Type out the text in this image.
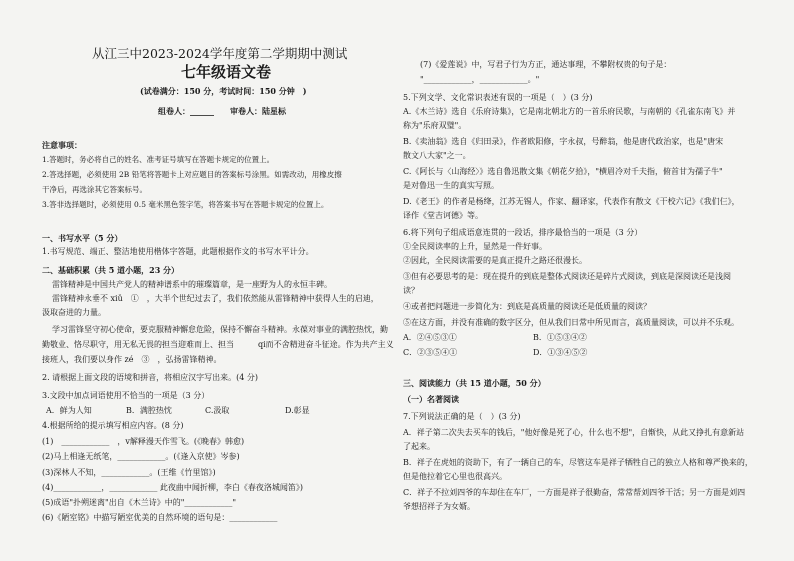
从江三中2023-2024学年度第二学期期中测试
七年级语文卷
(试卷满分：150 分，考试时间：150 分钟　)
组卷人：______　　审卷人：陆星标
注意事项：
1.答题时，务必将自己的姓名、准考证号填写在答题卡规定的位置上。
2.答选择题，必须使用 2B 铅笔将答题卡上对应题目的答案标号涂黑。如需改动，用橡皮擦
干净后，再选涂其它答案标号。
3.答非选择题时，必须使用 0.5 毫米黑色签字笔，将答案书写在答题卡规定的位置上。
一、书写水平（5 分）
1.书写规范、端正、整洁地使用楷体字答题，此题根据作文的书写水平计分。
二、基础积累（共 5 道小题，23 分）
雷锋精神是中国共产党人的精神谱系中的璀璨篇章，是一座野为人的永恒丰碑。
雷锋精神永垂不 xiǔ　①　，大半个世纪过去了，我们依然能从雷锋精神中获得人生的启迪，
汲取奋进的力量。
学习雷锋坚守初心使命，要克服精神懈怠危险，保持不懈奋斗精神。永葆对事业的满腔热忱，勤
勤敬业、恪尽职守，用无私无畏的担当迎难而上、担当　　　qi而不舍精进奋斗征途。作为共产主义
接班人，我们要以身作 zé　③　，弘扬雷锋精神。
2. 请根据上面文段的语境和拼音，将相应汉字写出来。(4 分)
3.文段中加点词语使用不恰当的一项是（3 分）
A．鲜为人知	B．满腔热忱	C.汲取	D.彰显
4.根据所给的提示填写相应内容。(8 分)
(1)　____________　，v解释漫天作雪飞。(《晚春》韩愈)
(2)马上相逢无纸笔，____________。(《逢入京使》岑参)
(3)深林人不知，____________。(王维《竹里馆》)
(4)____________，____________ 此夜曲中闻折柳，李白《春夜洛城闻笛》)
(5)成语"扑朔迷离"出自《木兰诗》中的"____________"
(6)《陋室铭》中描写陋室优美的自然环境的语句是：____________
(7)《爱莲说》中，写君子行为方正，通达事理，不攀附权贵的句子是：
"____________，____________。"
5.下列文学、文化常识表述有误的一项是（　）(3 分)
A.《木兰诗》选自《乐府诗集》，它是南北朝北方的一首乐府民歌，与南朝的《孔雀东南飞》并
称为"乐府双璧"。
B.《卖油翁》选自《归田录》，作者欧阳修，字永叔，号醉翁，他是唐代政治家，也是"唐宋
散文八大家"之一。
C.《阿长与〈山海经〉》选自鲁迅散文集《朝花夕拾》，"横眉冷对千夫指，俯首甘为孺子牛"
是对鲁迅一生的真实写照。
D.《老王》的作者是杨绛，江苏无锡人，作家、翻译家，代表作有散文《干校六记》《我们仨》，
译作《堂吉诃德》等。
6.将下列句子组成语意连贯的一段话，排序最恰当的一项是（3 分）
①全民阅读率的上升，显然是一件好事。
②因此，全民阅读需要的是真正提升之路还很漫长。
③但有必要思考的是：现在提升的到底是整体式阅读还是碎片式阅读，到底是深阅读还是浅阅
读？
④或者把问题进一步简化为：到底是高质量的阅读还是低质量的阅读？
⑤在这方面，并没有准确的数字区分，但从我们日常中所见而言，高质量阅读，可以并不乐观。
A．②④⑤③①	B．①⑤③④②
C．②③⑤④①	D．①③④⑤②
三、阅读能力（共 15 道小题，50 分）
（一）名著阅读
7.下列说法正确的是（　）(3 分)
A．祥子第二次失去买车的钱后，"他好像是死了心，什么也不想"，自惭快，从此又挣扎有意新站
了起来。
B．祥子在虎妞的资助下，有了一辆自己的车，尽管这车是祥子牺牲自己的独立人格和尊严换来的，
但是他拉着它心里也很高兴。
C．祥子不拉刘四爷的车却住在车厂，一方面是祥子很勤奋，常常帮刘四爷干活；另一方面是刘四
爷想招祥子为女婿。
